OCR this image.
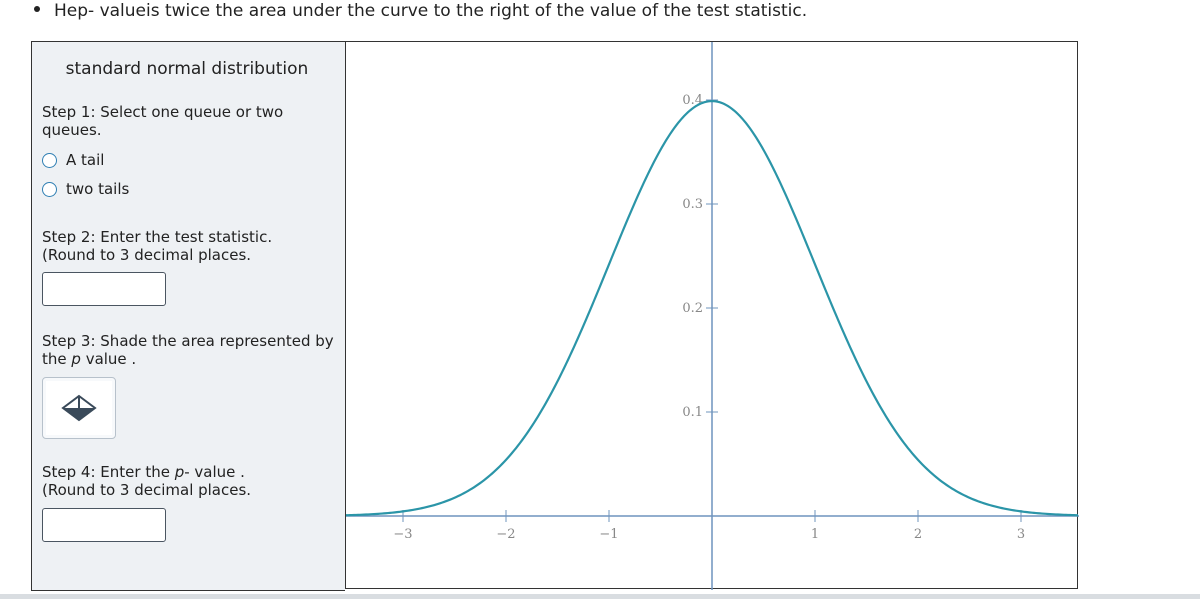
Hep- valueis twice the area under the curve to the right of the value of the test statistic.
standard normal distribution
Step 1: Select one queue or two queues.
A tail
two tails
Step 2: Enter the test statistic.
(Round to 3 decimal places.
Step 3: Shade the area represented by the p value .
Step 4: Enter the p- value .
(Round to 3 decimal places.
−3	−2	−1	1	2	3
0.1
0.2
0.3
0.4
